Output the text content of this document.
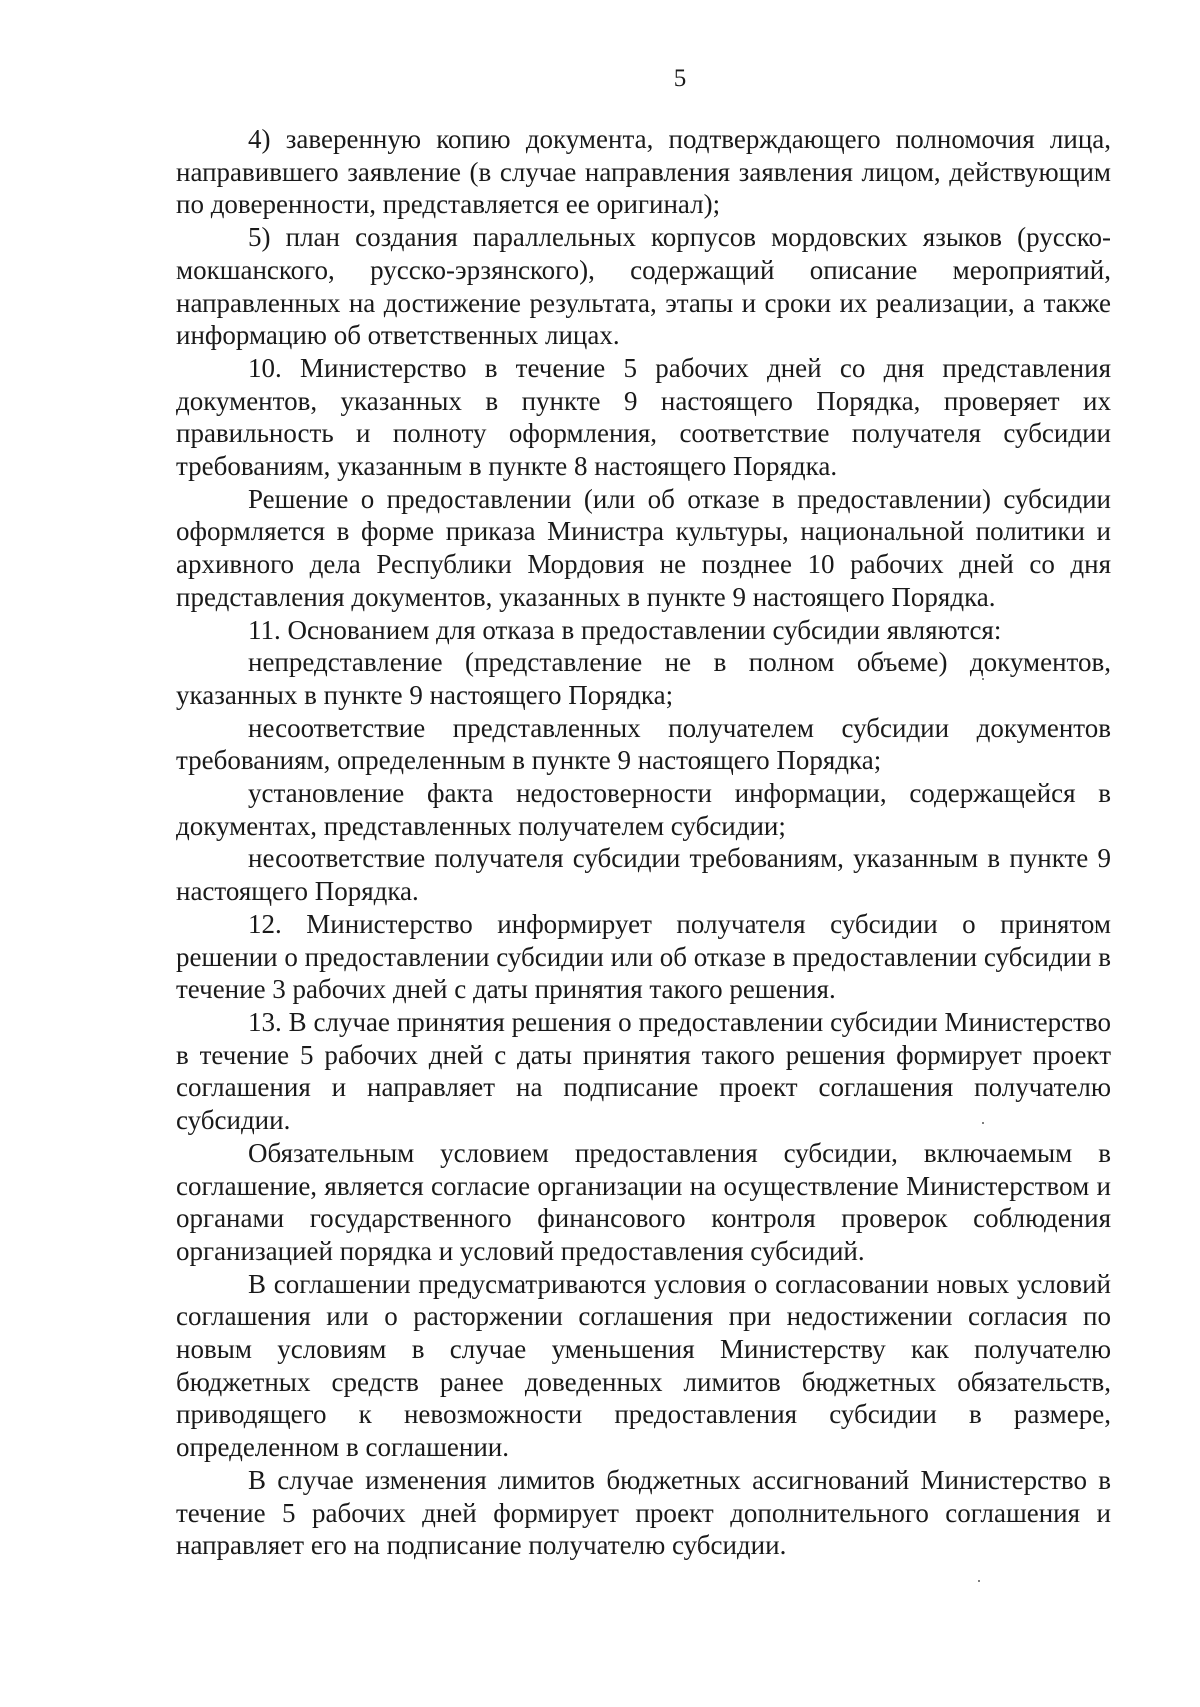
5

4) заверенную копию документа, подтверждающего полномочия лица, направившего заявление (в случае направления заявления лицом, действующим по доверенности, представляется ее оригинал);

5) план создания параллельных корпусов мордовских языков (русско-мокшанского, русско-эрзянского), содержащий описание мероприятий, направленных на достижение результата, этапы и сроки их реализации, а также информацию об ответственных лицах.

10. Министерство в течение 5 рабочих дней со дня представления документов, указанных в пункте 9 настоящего Порядка, проверяет их правильность и полноту оформления, соответствие получателя субсидии требованиям, указанным в пункте 8 настоящего Порядка.

Решение о предоставлении (или об отказе в предоставлении) субсидии оформляется в форме приказа Министра культуры, национальной политики и архивного дела Республики Мордовия не позднее 10 рабочих дней со дня представления документов, указанных в пункте 9 настоящего Порядка.

11. Основанием для отказа в предоставлении субсидии являются:

непредставление (представление не в полном объеме) документов, указанных в пункте 9 настоящего Порядка;

несоответствие представленных получателем субсидии документов требованиям, определенным в пункте 9 настоящего Порядка;

установление факта недостоверности информации, содержащейся в документах, представленных получателем субсидии;

несоответствие получателя субсидии требованиям, указанным в пункте 9 настоящего Порядка.

12. Министерство информирует получателя субсидии о принятом решении о предоставлении субсидии или об отказе в предоставлении субсидии в течение 3 рабочих дней с даты принятия такого решения.

13. В случае принятия решения о предоставлении субсидии Министерство в течение 5 рабочих дней с даты принятия такого решения формирует проект соглашения и направляет на подписание проект соглашения получателю субсидии.

Обязательным условием предоставления субсидии, включаемым в соглашение, является согласие организации на осуществление Министерством и органами государственного финансового контроля проверок соблюдения организацией порядка и условий предоставления субсидий.

В соглашении предусматриваются условия о согласовании новых условий соглашения или о расторжении соглашения при недостижении согласия по новым условиям в случае уменьшения Министерству как получателю бюджетных средств ранее доведенных лимитов бюджетных обязательств, приводящего к невозможности предоставления субсидии в размере, определенном в соглашении.

В случае изменения лимитов бюджетных ассигнований Министерство в течение 5 рабочих дней формирует проект дополнительного соглашения и направляет его на подписание получателю субсидии.
